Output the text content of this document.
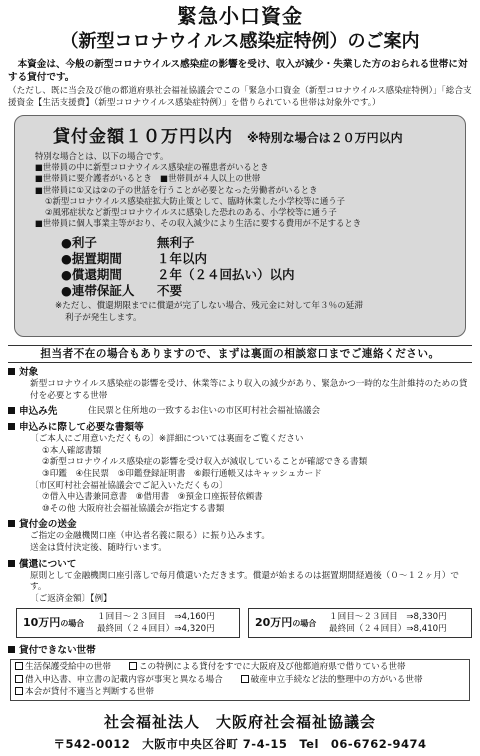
緊急小口資金
（新型コロナウイルス感染症特例）のご案内

本資金は、今般の新型コロナウイルス感染症の影響を受け、収入が減少・失業した方のおられる世帯に対する貸付です。

（ただし、既に当会及び他の都道府県社会福祉協議会でこの「緊急小口資金（新型コロナウイルス感染症特例）」「総合支援資金【生活支援費】（新型コロナウイルス感染症特例）」を借りられている世帯は対象外です。）
貸付金額１０万円以内 ※特別な場合は２０万円以内
特別な場合とは、以下の場合です。
■世帯員の中に新型コロナウイルス感染症の罹患者がいるとき
■世帯員に要介護者がいるとき　■世帯員が４人以上の世帯
■世帯員に①又は②の子の世話を行うことが必要となった労働者がいるとき
①新型コロナウイルス感染症拡大防止策として、臨時休業した小学校等に通う子
②風邪症状など新型コロナウイルスに感染した恐れのある、小学校等に通う子
■世帯員に個人事業主等がおり、その収入減少により生活に要する費用が不足するとき
●利子	無利子
●据置期間	１年以内
●償還期間	２年（２４回払い）以内
●連帯保証人	不要
※ただし、償還期限までに償還が完了しない場合、残元金に対して年３％の延滞
利子が発生します。
担当者不在の場合もありますので、まずは裏面の相談窓口までご連絡ください。
対象
新型コロナウイルス感染症の影響を受け、休業等により収入の減少があり、緊急かつ一時的な生計維持のための貸付を必要とする世帯
申込み先	住民票と住所地の一致するお住いの市区町村社会福祉協議会
申込みに際して必要な書類等
〔ご本人にご用意いただくもの〕※詳細については裏面をご覧ください
①本人確認書類
②新型コロナウイルス感染症の影響を受け収入が減収していることが確認できる書類
③印鑑　④住民票　⑤印鑑登録証明書　⑥銀行通帳又はキャッシュカード
〔市区町村社会福祉協議会でご記入いただくもの〕
⑦借入申込書兼同意書　⑧借用書　⑨預金口座振替依頼書
⑩その他 大阪府社会福祉協議会が指定する書類
貸付金の送金
ご指定の金融機関口座（申込者名義に限る）に振り込みます。
送金は貸付決定後、随時行います。
償還について
原則として金融機関口座引落しで毎月償還いただきます。償還が始まるのは据置期間経過後（０〜１２ヶ月）です。
〔ご返済金額〕【例】
10万円の場合
１回目〜２３回目　⇒4,160円
最終回（２４回目）⇒4,320円
20万円の場合
１回目〜２３回目　⇒8,330円
最終回（２４回目）⇒8,410円
貸付できない世帯
生活保護受給中の世帯	この特例による貸付をすでに大阪府及び他都道府県で借りている世帯
借入申込書、申立書の記載内容が事実と異なる場合	破産申立手続など法的整理中の方がいる世帯
本会が貸付不適当と判断する世帯
社会福祉法人　大阪府社会福祉協議会
〒542-0012　大阪市中央区谷町 7-4-15　Tel　06-6762-9474
